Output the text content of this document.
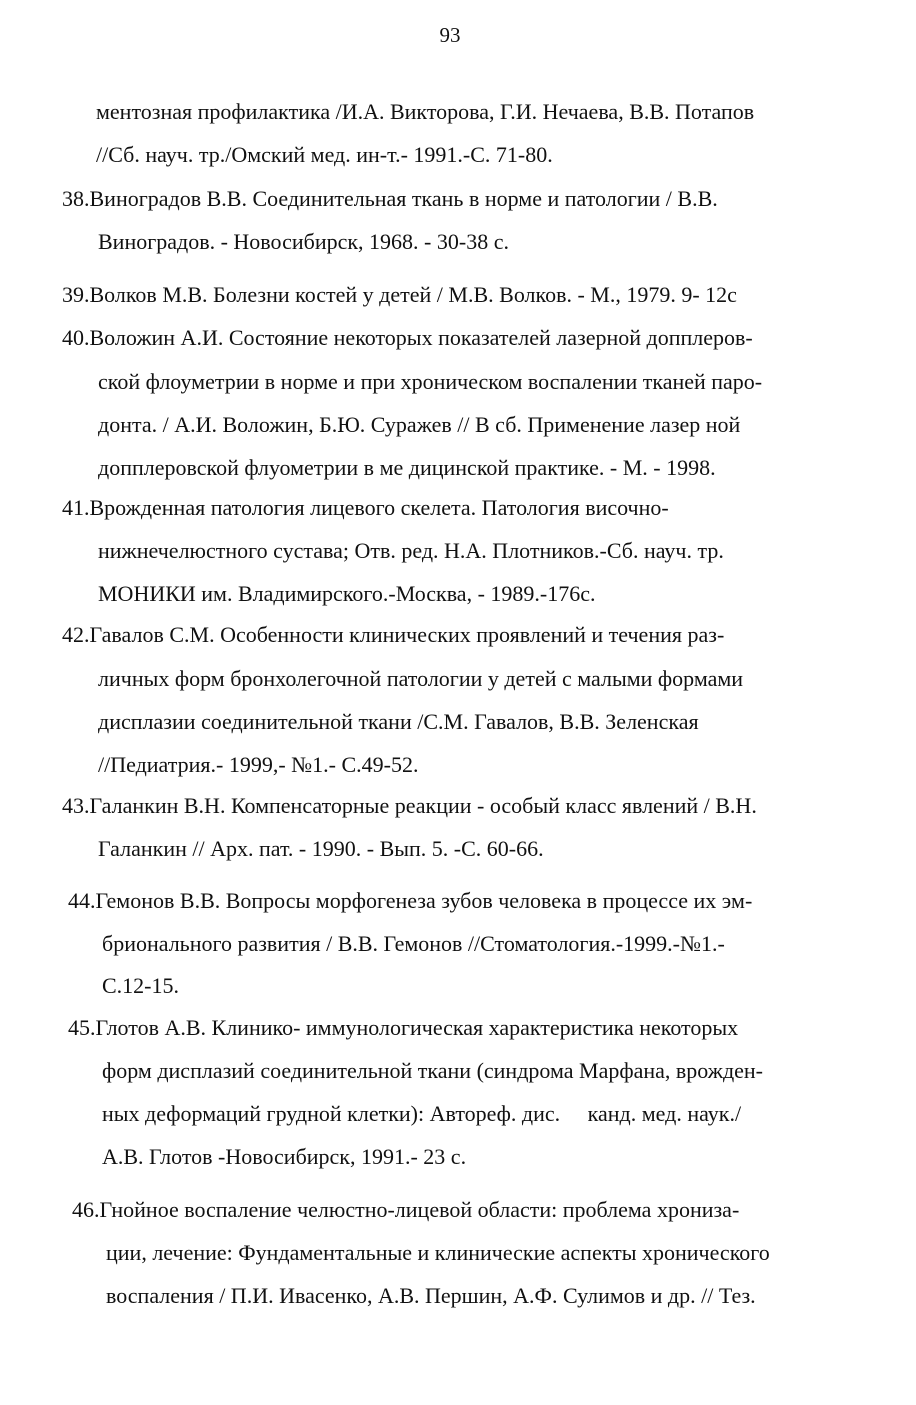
93
ментозная профилактика /И.А. Викторова, Г.И. Нечаева, В.В. Потапов
//Сб. науч. тр./Омский мед. ин-т.- 1991.-С. 71-80.
38.Виноградов В.В. Соединительная ткань в норме и патологии / В.В.
Виноградов. - Новосибирск, 1968. - 30-38 с.
39.Волков М.В. Болезни костей у детей / М.В. Волков. - М., 1979. 9- 12с
40.Воложин А.И. Состояние некоторых показателей лазерной допплеров-
ской флоуметрии в норме и при хроническом воспалении тканей паро-
донта. / А.И. Воложин, Б.Ю. Суражев // В сб. Применение лазер ной
допплеровской флуометрии в ме дицинской практике. - М. - 1998.
41.Врожденная патология лицевого скелета. Патология височно-
нижнечелюстного сустава; Отв. ред. Н.А. Плотников.-Сб. науч. тр.
МОНИКИ им. Владимирского.-Москва, - 1989.-176с.
42.Гавалов С.М. Особенности клинических проявлений и течения раз-
личных форм бронхолегочной патологии у детей с малыми формами
дисплазии соединительной ткани /С.М. Гавалов, В.В. Зеленская
//Педиатрия.- 1999,- №1.- С.49-52.
43.Галанкин В.Н. Компенсаторные реакции - особый класс явлений / В.Н.
Галанкин // Арх. пат. - 1990. - Вып. 5. -С. 60-66.
44.Гемонов В.В. Вопросы морфогенеза зубов человека в процессе их эм-
брионального развития / В.В. Гемонов //Стоматология.-1999.-№1.-
С.12-15.
45.Глотов А.В. Клинико- иммунологическая характеристика некоторых
форм дисплазий соединительной ткани (синдрома Марфана, врожден-
ных деформаций грудной клетки): Автореф. дис.     канд. мед. наук./
А.В. Глотов -Новосибирск, 1991.- 23 с.
46.Гнойное воспаление челюстно-лицевой области: проблема хрониза-
ции, лечение: Фундаментальные и клинические аспекты хронического
воспаления / П.И. Ивасенко, А.В. Першин, А.Ф. Сулимов и др. // Тез.
